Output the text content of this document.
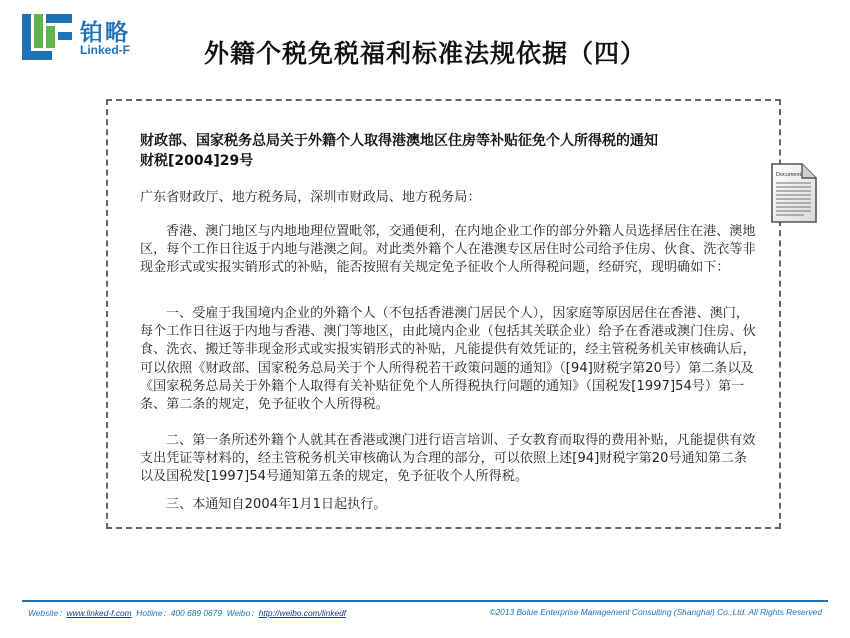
铂略
Linked-F	外籍个税免税福利标准法规依据（四）
财政部、国家税务总局关于外籍个人取得港澳地区住房等补贴征免个人所得税的通知
财税[2004]29号
广东省财政厅、地方税务局，深圳市财政局、地方税务局：
香港、澳门地区与内地地理位置毗邻，交通便利，在内地企业工作的部分外籍人员选择居住在港、澳地区，每个工作日往返于内地与港澳之间。对此类外籍个人在港澳专区居住时公司给予住房、伙食、洗衣等非现金形式或实报实销形式的补贴，能否按照有关规定免予征收个人所得税问题，经研究，现明确如下：
一、受雇于我国境内企业的外籍个人（不包括香港澳门居民个人），因家庭等原因居住在香港、澳门，每个工作日往返于内地与香港、澳门等地区，由此境内企业（包括其关联企业）给予在香港或澳门住房、伙食、洗衣、搬迁等非现金形式或实报实销形式的补贴，凡能提供有效凭证的，经主管税务机关审核确认后，可以依照《财政部、国家税务总局关于个人所得税若干政策问题的通知》（[94]财税字第20号）第二条以及《国家税务总局关于外籍个人取得有关补贴征免个人所得税执行问题的通知》（国税发[1997]54号）第一条、第二条的规定，免予征收个人所得税。
二、第一条所述外籍个人就其在香港或澳门进行语言培训、子女教育而取得的费用补贴，凡能提供有效支出凭证等材料的，经主管税务机关审核确认为合理的部分，可以依照上述[94]财税字第20号通知第二条以及国税发[1997]54号通知第五条的规定，免予征收个人所得税。
三、本通知自2004年1月1日起执行。
Document
Website：www.linked-f.com Hotline：400 689 0679 Weibo：http://weibo.com/linkedf	©2013 Bolue Enterprise Management Consulting (Shanghai) Co.,Ltd. All Rights Reserved
